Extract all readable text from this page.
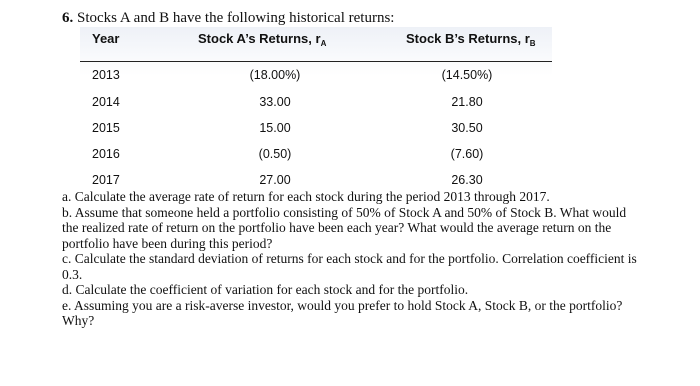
6. Stocks A and B have the following historical returns:
Year	Stock A’s Returns, $r_A$	Stock B’s Returns, $r_B$
2013	(18.00%)	(14.50%)
2014	33.00	21.80
2015	15.00	30.50
2016	(0.50)	(7.60)
2017	27.00	26.30

a. Calculate the average rate of return for each stock during the period 2013 through 2017.

b. Assume that someone held a portfolio consisting of 50% of Stock A and 50% of Stock B. What would the realized rate of return on the portfolio have been each year? What would the average return on the portfolio have been during this period?

c. Calculate the standard deviation of returns for each stock and for the portfolio. Correlation coefficient is 0.3.

d. Calculate the coefficient of variation for each stock and for the portfolio.

e. Assuming you are a risk-averse investor, would you prefer to hold Stock A, Stock B, or the portfolio? Why?
